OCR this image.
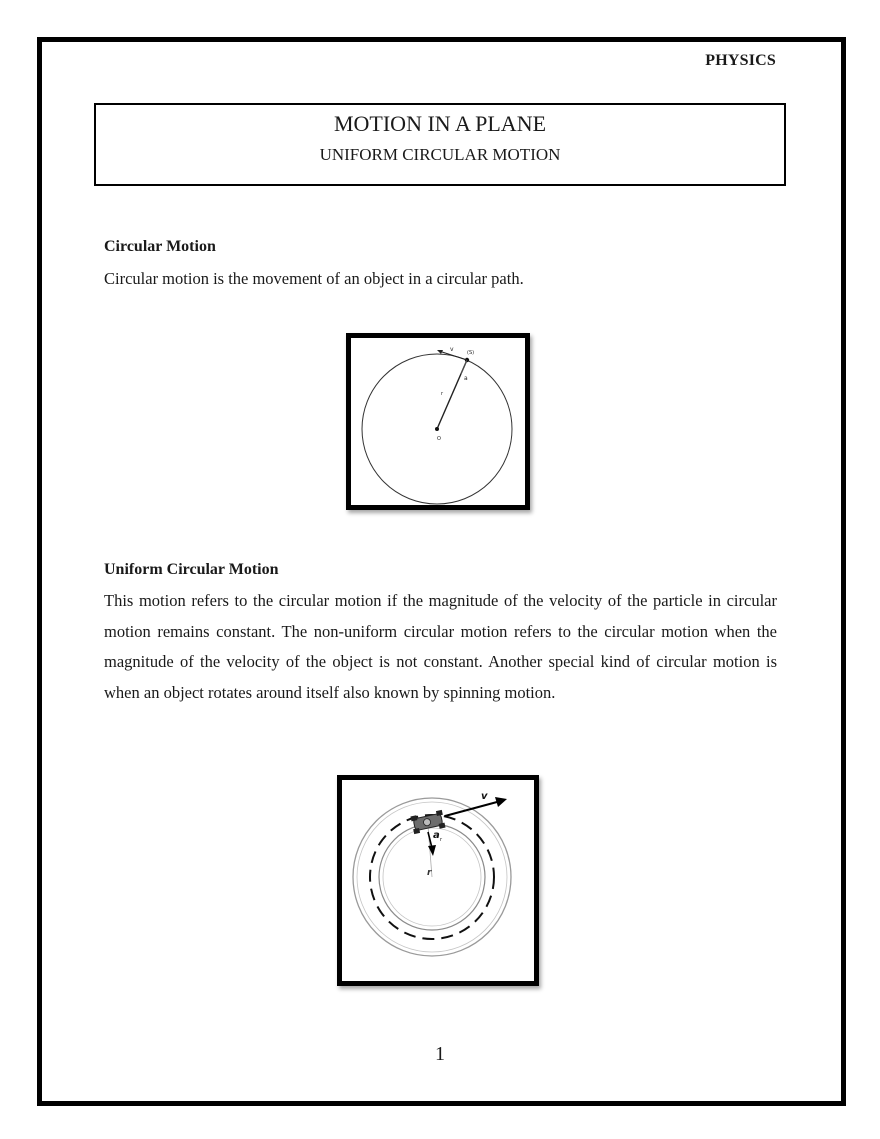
PHYSICS
MOTION IN A PLANE
UNIFORM CIRCULAR MOTION
Circular Motion
Circular motion is the movement of an object in a circular path.
v	(S)
a
r
O
Uniform Circular Motion
This motion refers to the circular motion if the magnitude of the velocity of the particle in circular motion remains constant. The non-uniform circular motion refers to the circular motion when the magnitude of the velocity of the object is not constant. Another special kind of circular motion is when an object rotates around itself also known by spinning motion.
v
a r
r
1
